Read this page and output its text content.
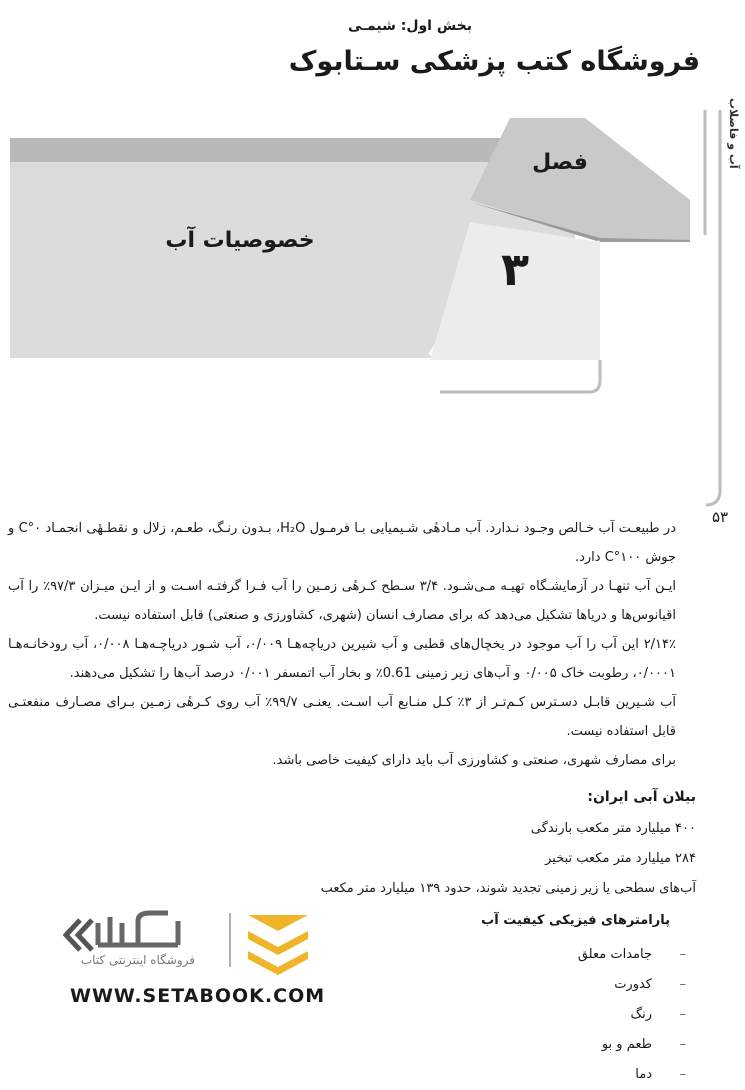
بخش اول: شیمـی
فروشگاه کتب پزشکی سـتابوک
آب و فاضلاب
فصل
۳
خصوصیات آب
۵۳

در طبیعـت آب خـالص وجـود نـدارد. آب مـادهٔی شـیمیایی بـا فرمـول H₂O، بـدون رنـگ، طعـم، زلال و نقطـهٔی انجمـاد ۰°C و جوش ۱۰۰°C دارد.

ایـن آب تنهـا در آزمایشـگاه تهیـه مـی‌شـود. ۳/۴ سـطح کـرهٔی زمـین را آب فـرا گرفتـه اسـت و از ایـن میـزان ۹۷/۳٪ را آب اقیانوس‌ها و دریاها تشکیل می‌دهد که برای مصارف انسان (شهری، کشاورزی و صنعتی) قابل استفاده نیست.

۲/۱۴٪ این آب را آب موجود در یخچال‌های قطبی و آب شیرین دریاچه‌هـا ۰/۰۰۹، آب شـور دریاچـه‌هـا ۰/۰۰۸، آب رودخانـه‌هـا ۰/۰۰۰۱، رطوبت خاک ۰/۰۰۵ و آب‌های زیر زمینی 0.61٪ و بخار آب اتمسفر ۰/۰۰۱ درصد آب‌ها را تشکیل می‌دهند.

آب شـیرین قابـل دسـترس کـم‌تـر از ۳٪ کـل منـابع آب اسـت. یعنـی ۹۹/۷٪ آب روی کـرهٔی زمـین بـرای مصـارف منفعتـی قابل استفاده نیست.

برای مصارف شهری، صنعتی و کشاورزی آب باید دارای کیفیت خاصی باشد.

بیلان آبی ایران:
۴۰۰ میلیارد متر مکعب بارندگی
۲۸۴ میلیارد متر مکعب تبخیر
آب‌های سطحی یا زیر زمینی تجدید شوند، حدود ۱۳۹ میلیارد متر مکعب
پارامترهای فیزیکی کیفیت آب
– جامدات معلق
– کدورت
– رنگ
– طعم و بو
– دما
فروشگاه اینترنتی کتاب
WWW.SETABOOK.COM
